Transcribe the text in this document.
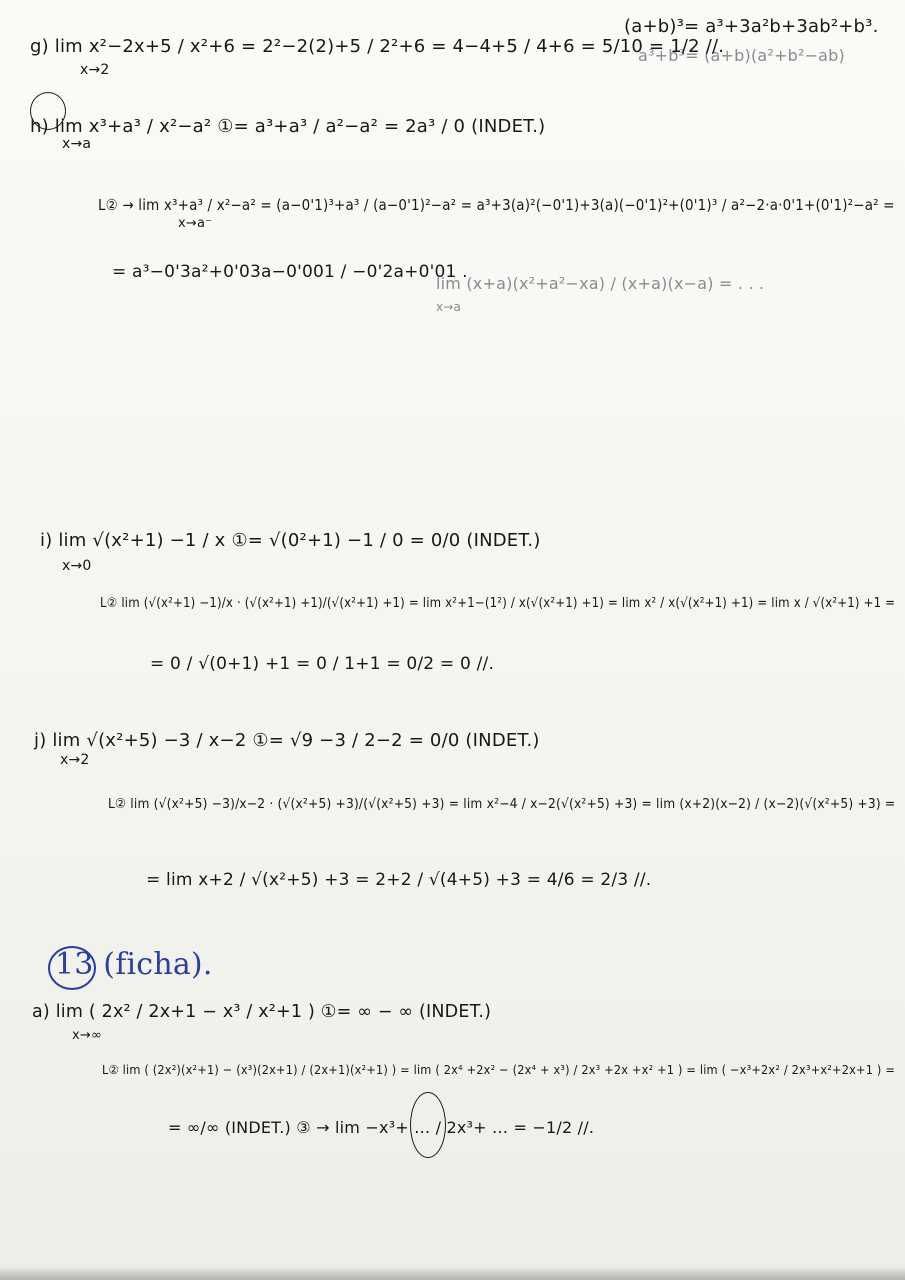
(a+b)³= a³+3a²b+3ab²+b³.
a³+b³= (a+b)(a²+b²−ab)
g) lim x²−2x+5 / x²+6 = 2²−2(2)+5 / 2²+6 = 4−4+5 / 4+6 = 5/10 = 1/2 //.
x→2
h) lim x³+a³ / x²−a² ①= a³+a³ / a²−a² = 2a³ / 0 (INDET.)
x→a
L② → lim x³+a³ / x²−a² = (a−0'1)³+a³ / (a−0'1)²−a² = a³+3(a)²(−0'1)+3(a)(−0'1)²+(0'1)³ / a²−2·a·0'1+(0'1)²−a² =
x→a⁻
= a³−0'3a²+0'03a−0'001 / −0'2a+0'01 .
lim (x+a)(x²+a²−xa) / (x+a)(x−a) = . . .
x→a
i) lim √(x²+1) −1 / x ①= √(0²+1) −1 / 0 = 0/0 (INDET.)
x→0
L② lim (√(x²+1) −1)/x · (√(x²+1) +1)/(√(x²+1) +1) = lim x²+1−(1²) / x(√(x²+1) +1) = lim x² / x(√(x²+1) +1) = lim x / √(x²+1) +1 =
= 0 / √(0+1) +1 = 0 / 1+1 = 0/2 = 0 //.
j) lim √(x²+5) −3 / x−2 ①= √9 −3 / 2−2 = 0/0 (INDET.)
x→2
L② lim (√(x²+5) −3)/x−2 · (√(x²+5) +3)/(√(x²+5) +3) = lim x²−4 / x−2(√(x²+5) +3) = lim (x+2)(x−2) / (x−2)(√(x²+5) +3) =
= lim x+2 / √(x²+5) +3 = 2+2 / √(4+5) +3 = 4/6 = 2/3 //.
13 (ficha).
a) lim ( 2x² / 2x+1 − x³ / x²+1 ) ①= ∞ − ∞ (INDET.)
x→∞
L② lim ( (2x²)(x²+1) − (x³)(2x+1) / (2x+1)(x²+1) ) = lim ( 2x⁴ +2x² − (2x⁴ + x³) / 2x³ +2x +x² +1 ) = lim ( −x³+2x² / 2x³+x²+2x+1 ) =
= ∞/∞ (INDET.) ③ → lim −x³+ … / 2x³+ … = −1/2 //.
